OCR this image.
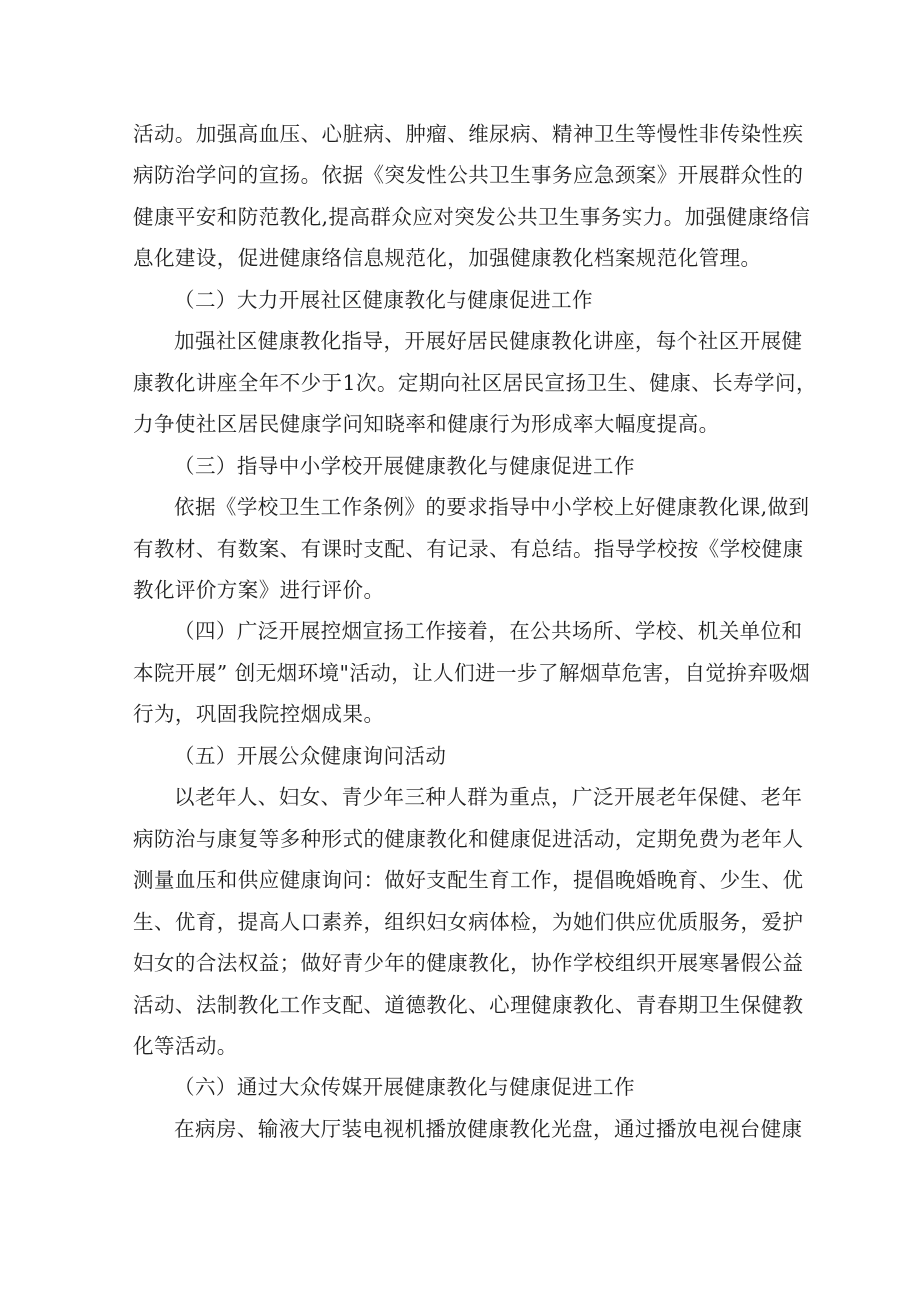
活动。加强高血压、心脏病、肿瘤、维尿病、精神卫生等慢性非传染性疾

病防治学问的宣扬。依据《突发性公共卫生事务应急颈案》开展群众性的

健康平安和防范教化,提高群众应对突发公共卫生事务实力。加强健康络信

息化建设，促进健康络信息规范化，加强健康教化档案规范化管理。

（二）大力开展社区健康教化与健康促进工作

加强社区健康教化指导，开展好居民健康教化讲座，每个社区开展健

康教化讲座全年不少于1次。定期向社区居民宣扬卫生、健康、长寿学问，

力争使社区居民健康学问知晓率和健康行为形成率大幅度提高。

（三）指导中小学校开展健康教化与健康促进工作

依据《学校卫生工作条例》的要求指导中小学校上好健康教化课,做到

有教材、有数案、有课时支配、有记录、有总结。指导学校按《学校健康

教化评价方案》进行评价。

（四）广泛开展控烟宣扬工作接着，在公共场所、学校、机关单位和

本院开展” 创无烟环境"活动，让人们进一步了解烟草危害，自觉拚弃吸烟

行为，巩固我院控烟成果。

（五）开展公众健康询问活动

以老年人、妇女、青少年三种人群为重点，广泛开展老年保健、老年

病防治与康复等多种形式的健康教化和健康促进活动，定期免费为老年人

测量血压和供应健康询问：做好支配生育工作，提倡晚婚晚育、少生、优

生、优育，提高人口素养，组织妇女病体检，为她们供应优质服务，爱护

妇女的合法权益；做好青少年的健康教化，协作学校组织开展寒暑假公益

活动、法制教化工作支配、道德教化、心理健康教化、青春期卫生保健教

化等活动。

（六）通过大众传媒开展健康教化与健康促进工作

在病房、输液大厅装电视机播放健康教化光盘，通过播放电视台健康
